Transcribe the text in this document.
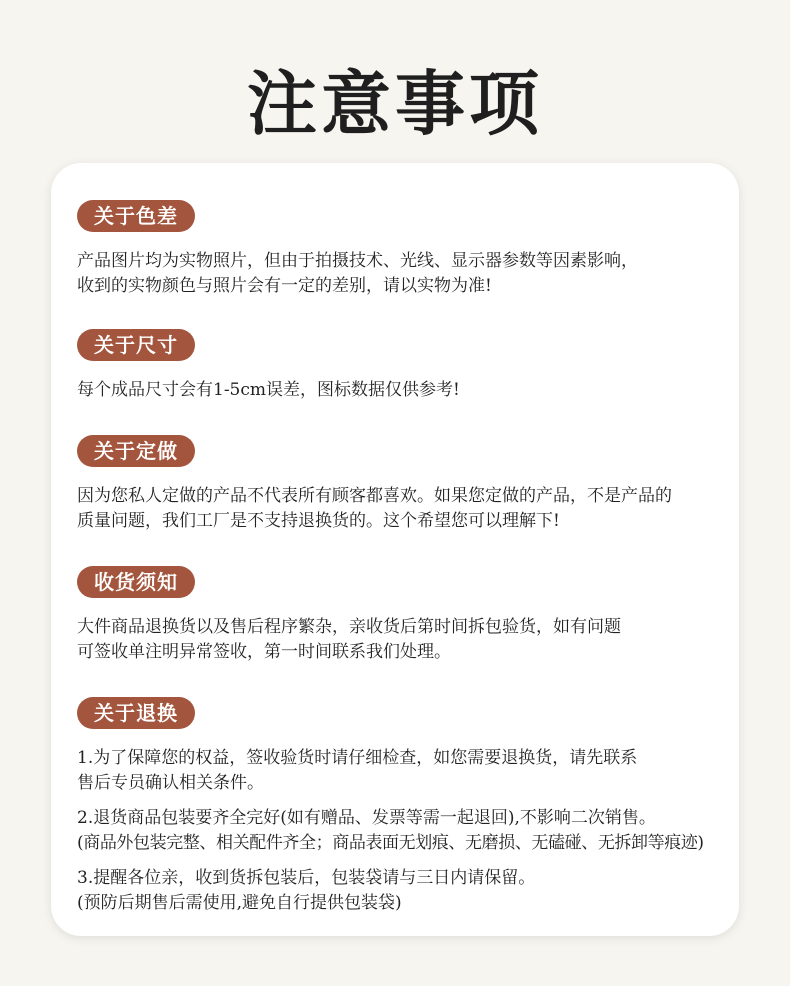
注意事项
关于色差

产品图片均为实物照片，但由于拍摄技术、光线、显示器参数等因素影响，

收到的实物颜色与照片会有一定的差别，请以实物为准!

关于尺寸

每个成品尺寸会有1-5cm误差，图标数据仅供参考!

关于定做

因为您私人定做的产品不代表所有顾客都喜欢。如果您定做的产品，不是产品的

质量问题，我们工厂是不支持退换货的。这个希望您可以理解下!

收货须知

大件商品退换货以及售后程序繁杂，亲收货后第时间拆包验货，如有问题

可签收单注明异常签收，第一时间联系我们处理。

关于退换

1.为了保障您的权益，签收验货时请仔细检查，如您需要退换货，请先联系

售后专员确认相关条件。

2.退货商品包装要齐全完好(如有赠品、发票等需一起退回),不影响二次销售。

(商品外包装完整、相关配件齐全；商品表面无划痕、无磨损、无磕碰、无拆卸等痕迹)

3.提醒各位亲，收到货拆包装后，包装袋请与三日内请保留。

(预防后期售后需使用,避免自行提供包装袋)
